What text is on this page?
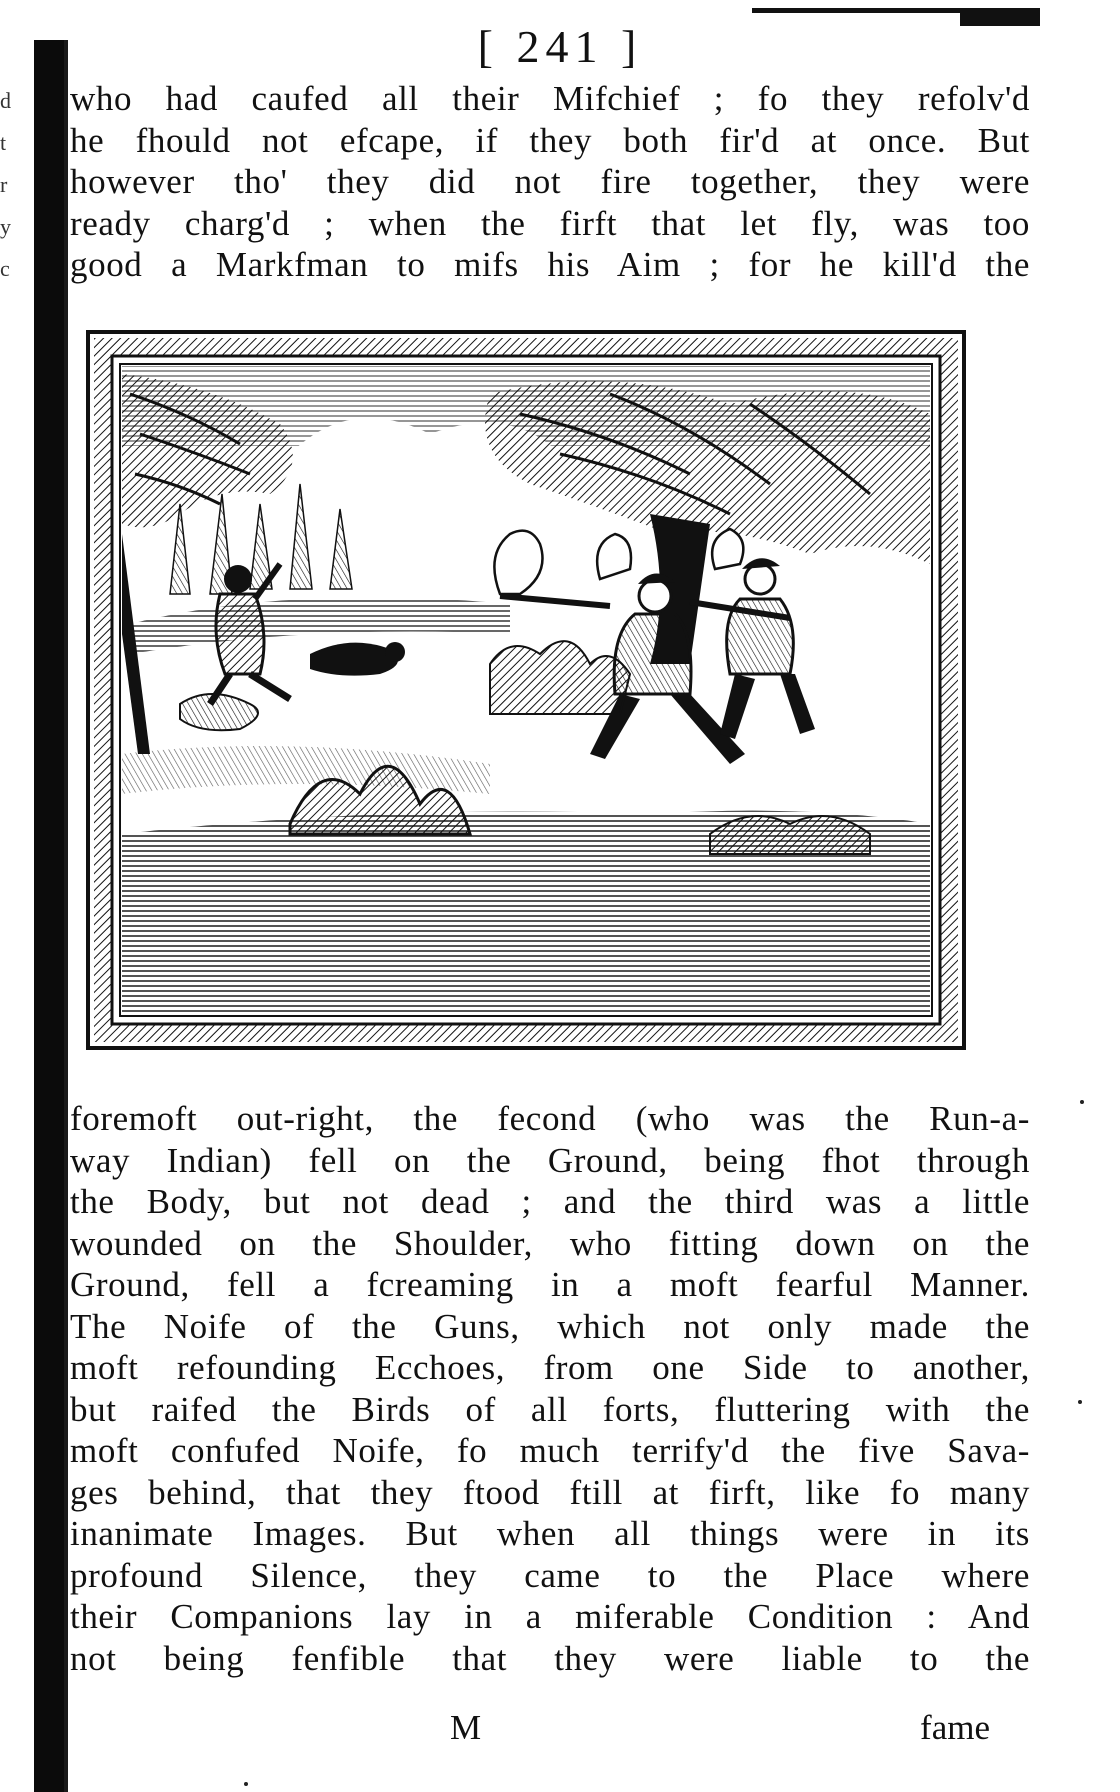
d
t
r
y
c
[ 241 ]
who had caufed all their Mifchief ; fo they refolv'd
he fhould not efcape, if they both fir'd at once. But
however tho' they did not fire together, they were
ready charg'd ; when the firft that let fly, was too
good a Markfman to mifs his Aim ; for he kill'd the
foremoft out-right, the fecond (who was the Run-a-
way Indian) fell on the Ground, being fhot through
the Body, but not dead ; and the third was a little
wounded on the Shoulder, who fitting down on the
Ground, fell a fcreaming in a moft fearful Manner.
The Noife of the Guns, which not only made the
moft refounding Ecchoes, from one Side to another,
but raifed the Birds of all forts, fluttering with the
moft confufed Noife, fo much terrify'd the five Sava-
ges behind, that they ftood ftill at firft, like fo many
inanimate Images. But when all things were in its
profound Silence, they came to the Place where
their Companions lay in a miferable Condition : And
not being fenfible that they were liable to the
M	fame
